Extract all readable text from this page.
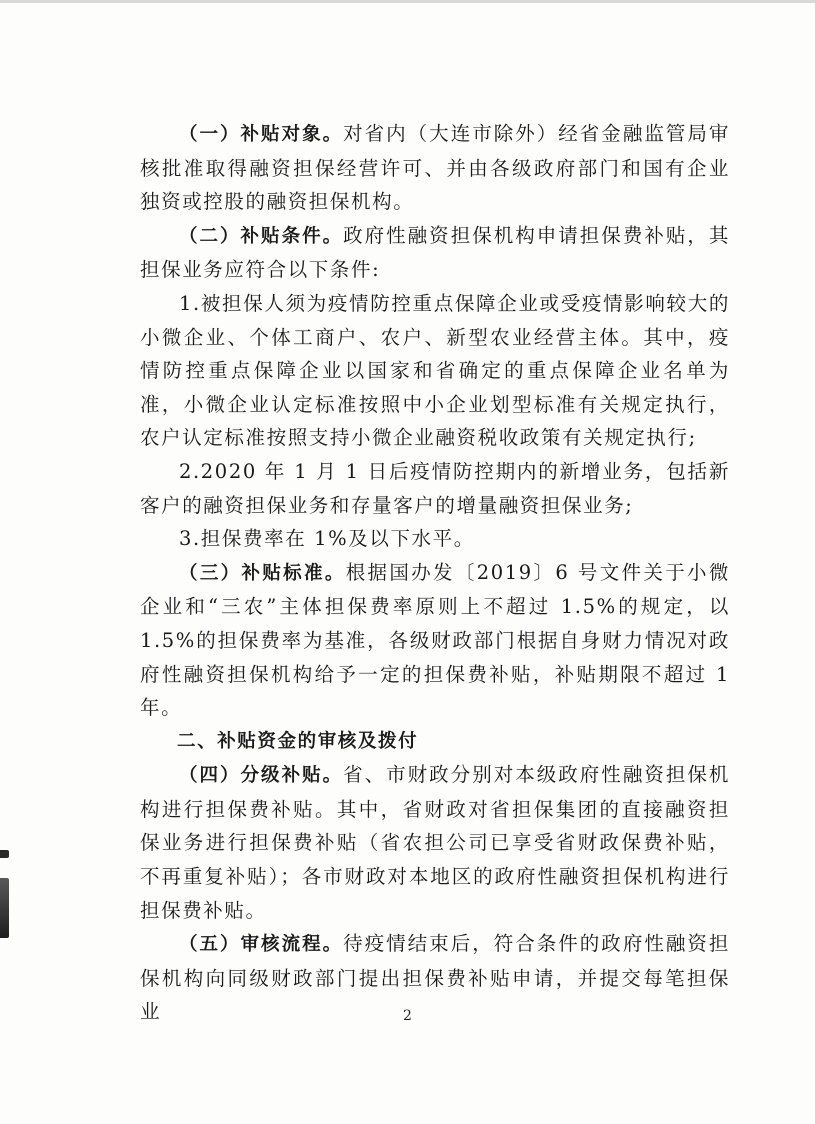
（一）补贴对象。对省内（大连市除外）经省金融监管局审核批准取得融资担保经营许可、并由各级政府部门和国有企业独资或控股的融资担保机构。

（二）补贴条件。政府性融资担保机构申请担保费补贴，其担保业务应符合以下条件:

1.被担保人须为疫情防控重点保障企业或受疫情影响较大的小微企业、个体工商户、农户、新型农业经营主体。其中，疫情防控重点保障企业以国家和省确定的重点保障企业名单为准，小微企业认定标准按照中小企业划型标准有关规定执行，农户认定标准按照支持小微企业融资税收政策有关规定执行;

2.2020 年 1 月 1 日后疫情防控期内的新增业务，包括新客户的融资担保业务和存量客户的增量融资担保业务;

3.担保费率在 1%及以下水平。

（三）补贴标准。根据国办发〔2019〕6 号文件关于小微企业和“三农”主体担保费率原则上不超过 1.5%的规定，以 1.5%的担保费率为基准，各级财政部门根据自身财力情况对政府性融资担保机构给予一定的担保费补贴，补贴期限不超过 1 年。

二、补贴资金的审核及拨付

（四）分级补贴。省、市财政分别对本级政府性融资担保机构进行担保费补贴。其中，省财政对省担保集团的直接融资担保业务进行担保费补贴（省农担公司已享受省财政保费补贴，不再重复补贴）；各市财政对本地区的政府性融资担保机构进行担保费补贴。

（五）审核流程。待疫情结束后，符合条件的政府性融资担保机构向同级财政部门提出担保费补贴申请，并提交每笔担保业	2
